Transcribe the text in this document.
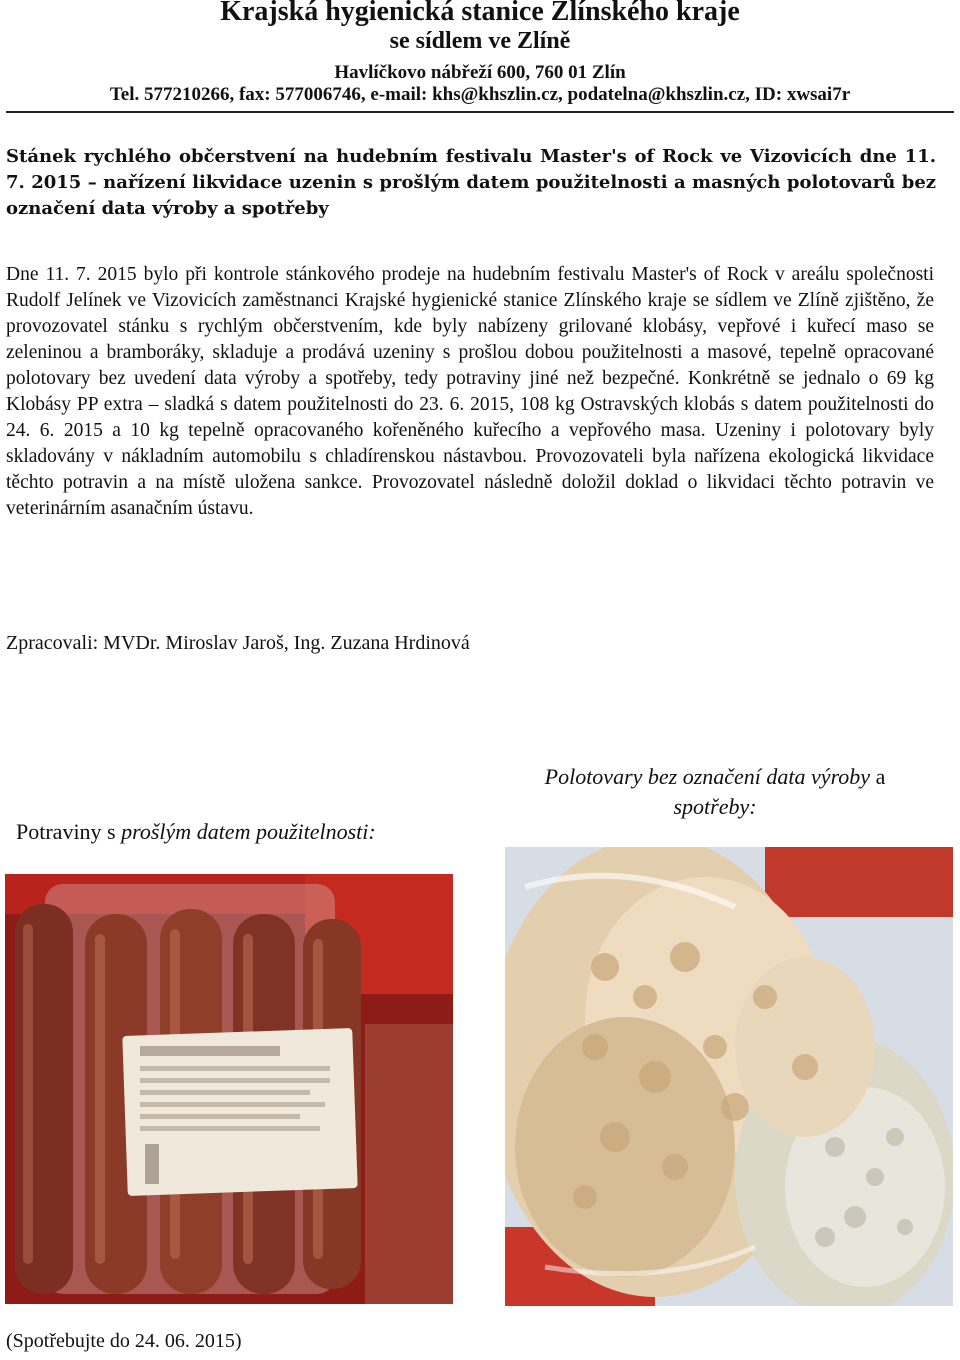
Krajská hygienická stanice Zlínského kraje
se sídlem ve Zlíně
Havlíčkovo nábřeží 600, 760 01 Zlín
Tel. 577210266, fax: 577006746, e-mail: khs@khszlin.cz, podatelna@khszlin.cz, ID: xwsai7r
Stánek rychlého občerstvení na hudebním festivalu Master's of Rock ve Vizovicích dne 11. 7. 2015 – nařízení likvidace uzenin s prošlým datem použitelnosti a masných polotovarů bez označení data výroby a spotřeby
Dne 11. 7. 2015 bylo při kontrole stánkového prodeje na hudebním festivalu Master's of Rock v areálu společnosti Rudolf Jelínek ve Vizovicích zaměstnanci Krajské hygienické stanice Zlínského kraje se sídlem ve Zlíně zjištěno, že provozovatel stánku s rychlým občerstvením, kde byly nabízeny grilované klobásy, vepřové i kuřecí maso se zeleninou a bramboráky, skladuje a prodává uzeniny s prošlou dobou použitelnosti a masové, tepelně opracované polotovary bez uvedení data výroby a spotřeby, tedy potraviny jiné než bezpečné. Konkrétně se jednalo o 69 kg Klobásy PP extra – sladká s datem použitelnosti do 23. 6. 2015, 108 kg Ostravských klobás s datem použitelnosti do 24. 6. 2015 a 10 kg tepelně opracovaného kořeněného kuřecího a vepřového masa. Uzeniny i polotovary byly skladovány v nákladním automobilu s chladírenskou nástavbou. Provozovateli byla nařízena ekologická likvidace těchto potravin a na místě uložena sankce. Provozovatel následně doložil doklad o likvidaci těchto potravin ve veterinárním asanačním ústavu.
Zpracovali: MVDr. Miroslav Jaroš, Ing. Zuzana Hrdinová
Potraviny s prošlým datem použitelnosti:
Polotovary bez označení data výroby a
spotřeby:
(Spotřebujte do 24. 06. 2015)
